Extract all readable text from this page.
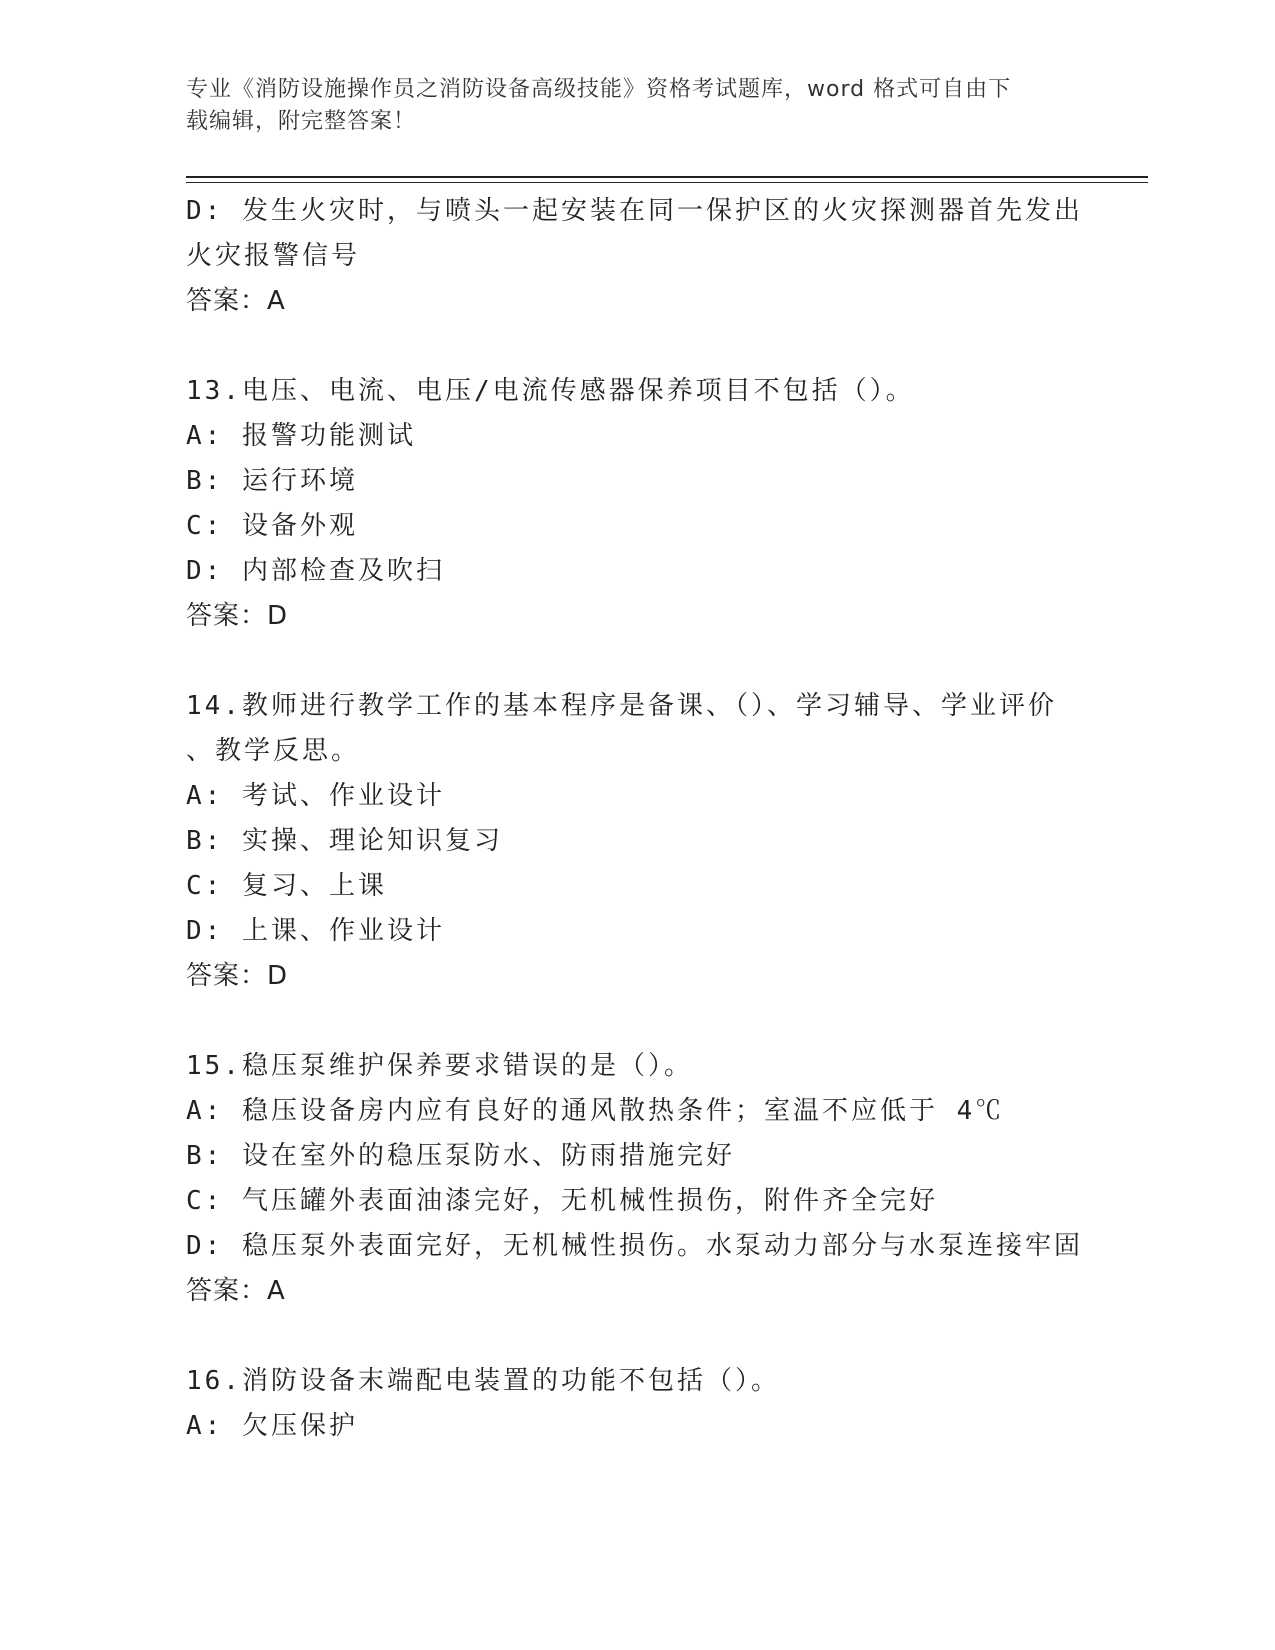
专业《消防设施操作员之消防设备高级技能》资格考试题库，word 格式可自由下
载编辑，附完整答案！
D: 发生火灾时，与喷头一起安装在同一保护区的火灾探测器首先发出
火灾报警信号
答案：A
13.电压、电流、电压/电流传感器保养项目不包括（）。
A: 报警功能测试
B: 运行环境
C: 设备外观
D: 内部检查及吹扫
答案：D
14.教师进行教学工作的基本程序是备课、（）、学习辅导、学业评价
、教学反思。
A: 考试、作业设计
B: 实操、理论知识复习
C: 复习、上课
D: 上课、作业设计
答案：D
15.稳压泵维护保养要求错误的是（）。
A: 稳压设备房内应有良好的通风散热条件；室温不应低于 4℃
B: 设在室外的稳压泵防水、防雨措施完好
C: 气压罐外表面油漆完好，无机械性损伤，附件齐全完好
D: 稳压泵外表面完好，无机械性损伤。水泵动力部分与水泵连接牢固
答案：A
16.消防设备末端配电装置的功能不包括（）。
A: 欠压保护
